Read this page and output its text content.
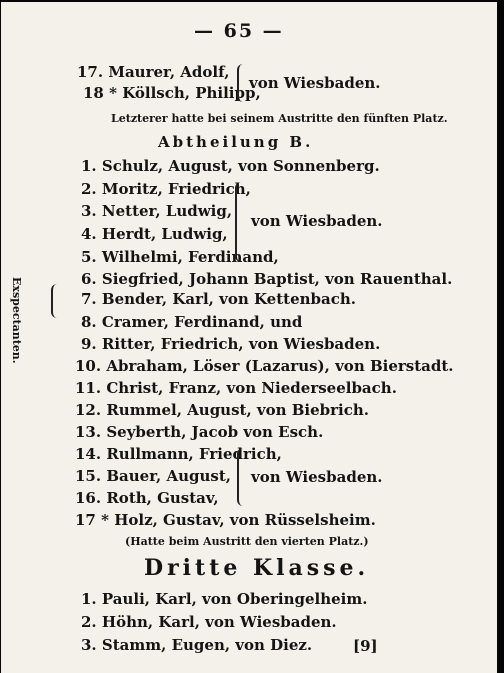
— 65 —
17. Maurer, Adolf,
18 * Köllsch, Philipp,
von Wiesbaden.
Letzterer hatte bei seinem Austritte den fünften Platz.
Abtheilung B.
1. Schulz, August, von Sonnenberg.
2. Moritz, Friedrich,
3. Netter, Ludwig,
4. Herdt, Ludwig,
5. Wilhelmi, Ferdinand,
von Wiesbaden.
6. Siegfried, Johann Baptist, von Rauenthal.
Exspectanten.	7. Bender, Karl, von Kettenbach.
8. Cramer, Ferdinand, und
9. Ritter, Friedrich, von Wiesbaden.
10. Abraham, Löser (Lazarus), von Bierstadt.
11. Christ, Franz, von Niederseelbach.
12. Rummel, August, von Biebrich.
13. Seyberth, Jacob von Esch.
14. Rullmann, Friedrich,
15. Bauer, August,
16. Roth, Gustav,
von Wiesbaden.
17 * Holz, Gustav, von Rüsselsheim.
(Hatte beim Austritt den vierten Platz.)
Dritte Klasse.
1. Pauli, Karl, von Oberingelheim.
2. Höhn, Karl, von Wiesbaden.
3. Stamm, Eugen, von Diez.	[9]
